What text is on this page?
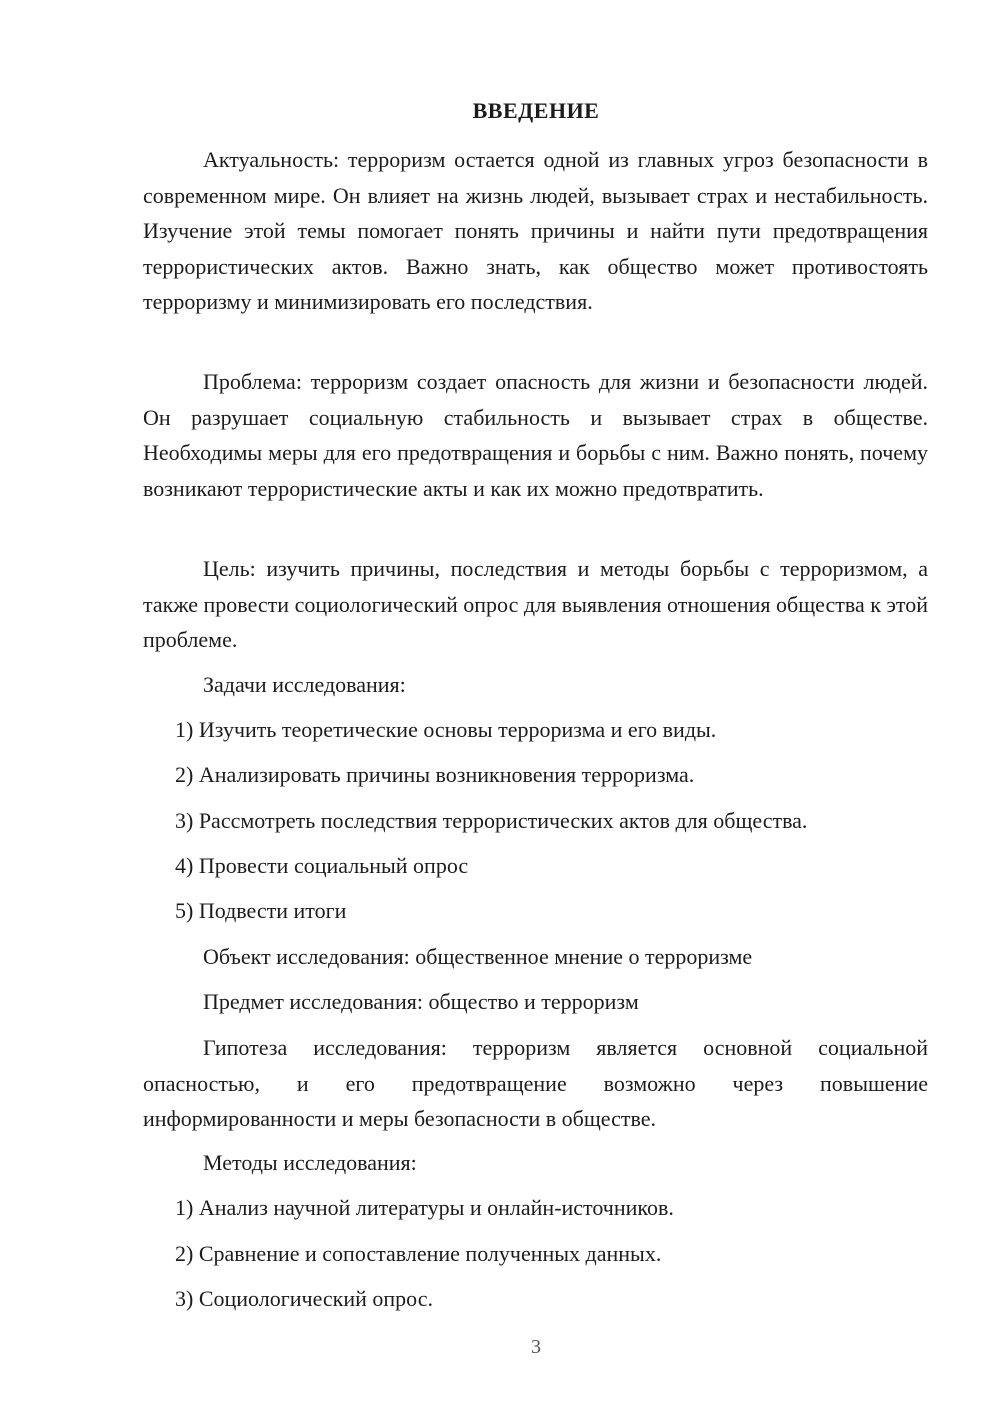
ВВЕДЕНИЕ

Актуальность: терроризм остается одной из главных угроз безопасности в современном мире. Он влияет на жизнь людей, вызывает страх и нестабильность. Изучение этой темы помогает понять причины и найти пути предотвращения террористических актов. Важно знать, как общество может противостоять терроризму и минимизировать его последствия.

Проблема: терроризм создает опасность для жизни и безопасности людей. Он разрушает социальную стабильность и вызывает страх в обществе. Необходимы меры для его предотвращения и борьбы с ним. Важно понять, почему возникают террористические акты и как их можно предотвратить.

Цель: изучить причины, последствия и методы борьбы с терроризмом, а также провести социологический опрос для выявления отношения общества к этой проблеме.

Задачи исследования:

1) Изучить теоретические основы терроризма и его виды.

2) Анализировать причины возникновения терроризма.

3) Рассмотреть последствия террористических актов для общества.

4) Провести социальный опрос

5) Подвести итоги

Объект исследования: общественное мнение о терроризме

Предмет исследования: общество и терроризм

Гипотеза исследования: терроризм является основной социальной опасностью, и его предотвращение возможно через повышение информированности и меры безопасности в обществе.

Методы исследования:

1) Анализ научной литературы и онлайн-источников.

2) Сравнение и сопоставление полученных данных.

3) Социологический опрос.

3
